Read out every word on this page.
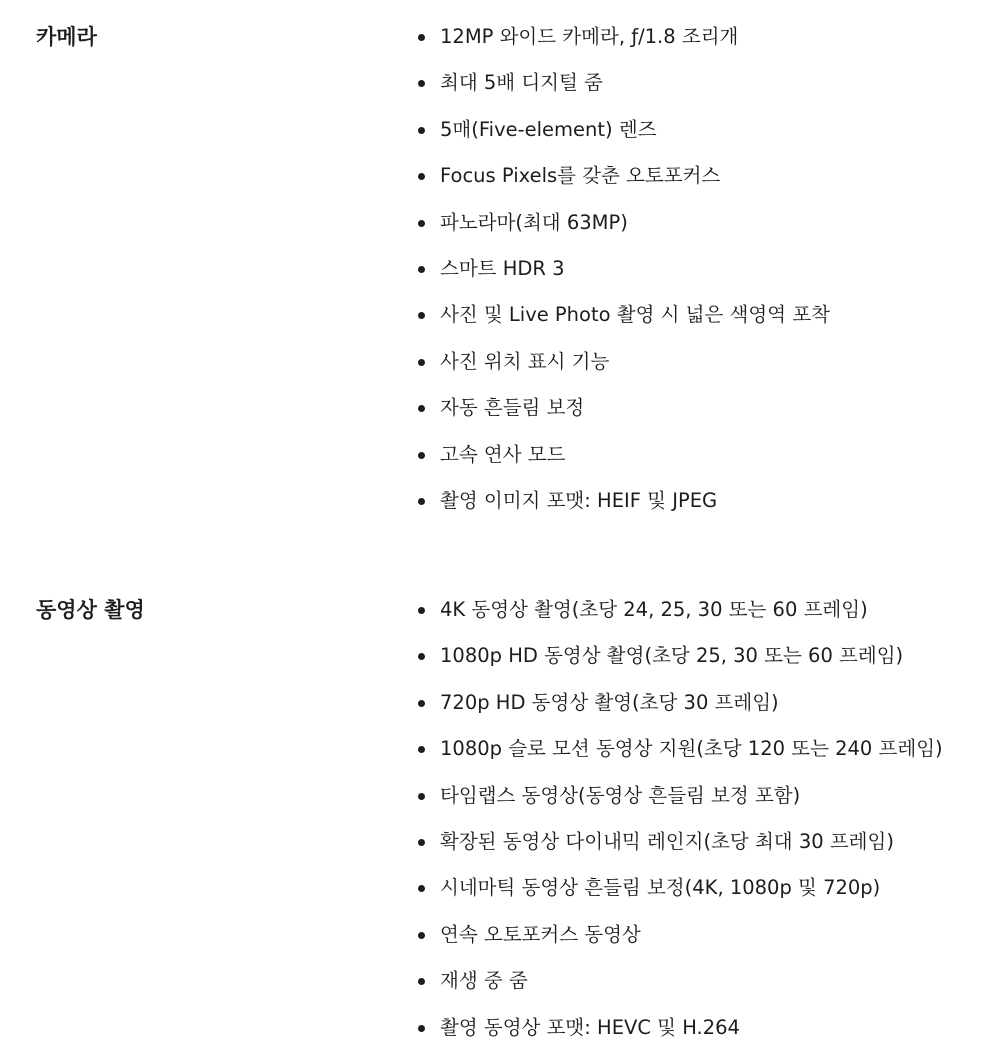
카메라	12MP 와이드 카메라, ƒ/1.8 조리개
최대 5배 디지털 줌
5매(Five-element) 렌즈
Focus Pixels를 갖춘 오토포커스
파노라마(최대 63MP)
스마트 HDR 3
사진 및 Live Photo 촬영 시 넓은 색영역 포착
사진 위치 표시 기능
자동 흔들림 보정
고속 연사 모드
촬영 이미지 포맷: HEIF 및 JPEG
동영상 촬영	4K 동영상 촬영(초당 24, 25, 30 또는 60 프레임)
1080p HD 동영상 촬영(초당 25, 30 또는 60 프레임)
720p HD 동영상 촬영(초당 30 프레임)
1080p 슬로 모션 동영상 지원(초당 120 또는 240 프레임)
타임랩스 동영상(동영상 흔들림 보정 포함)
확장된 동영상 다이내믹 레인지(초당 최대 30 프레임)
시네마틱 동영상 흔들림 보정(4K, 1080p 및 720p)
연속 오토포커스 동영상
재생 중 줌
촬영 동영상 포맷: HEVC 및 H.264
